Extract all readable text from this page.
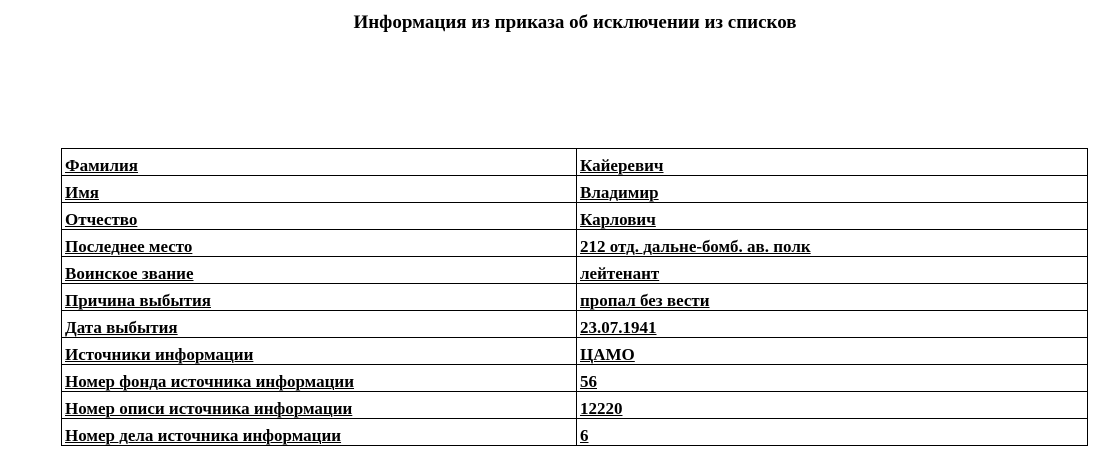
Информация из приказа об исключении из списков
Фамилия	Кайеревич
Имя	Владимир
Отчество	Карлович
Последнее место	212 отд. дальне-бомб. ав. полк
Воинское звание	лейтенант
Причина выбытия	пропал без вести
Дата выбытия	23.07.1941
Источники информации	ЦАМО
Номер фонда источника информации	56
Номер описи источника информации	12220
Номер дела источника информации	6
